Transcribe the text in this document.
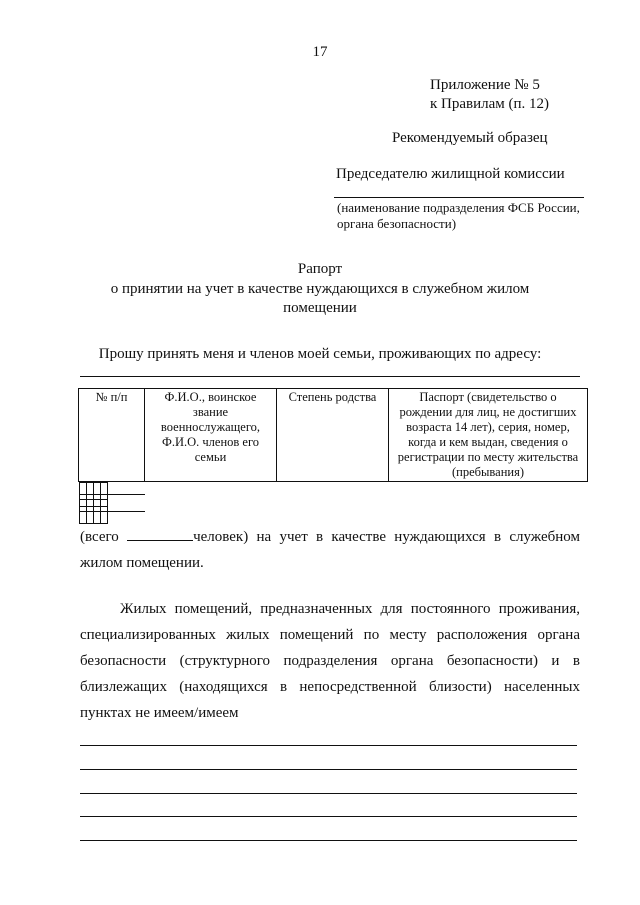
17
Приложение № 5
к Правилам (п. 12)
Рекомендуемый образец
Председателю жилищной комиссии
(наименование подразделения ФСБ России,
органа безопасности)
Рапорт
о принятии на учет в качестве нуждающихся в служебном жилом
помещении
Прошу принять меня и членов моей семьи, проживающих по адресу:
№ п/п	Ф.И.О., воинское звание военнослужащего, Ф.И.О. членов его семьи	Степень родства	Паспорт (свидетельство о рождении для лиц, не достигших возраста 14 лет), серия, номер, когда и кем выдан, сведения о регистрации по месту жительства (пребывания)

(всего	человек) на учет в качестве нуждающихся в служебном
жилом помещении.
Жилых помещений, предназначенных для постоянного проживания, специализированных жилых помещений по месту расположения органа безопасности (структурного подразделения органа безопасности) и в близлежащих (находящихся в непосредственной близости) населенных
пунктах не имеем/имеем
